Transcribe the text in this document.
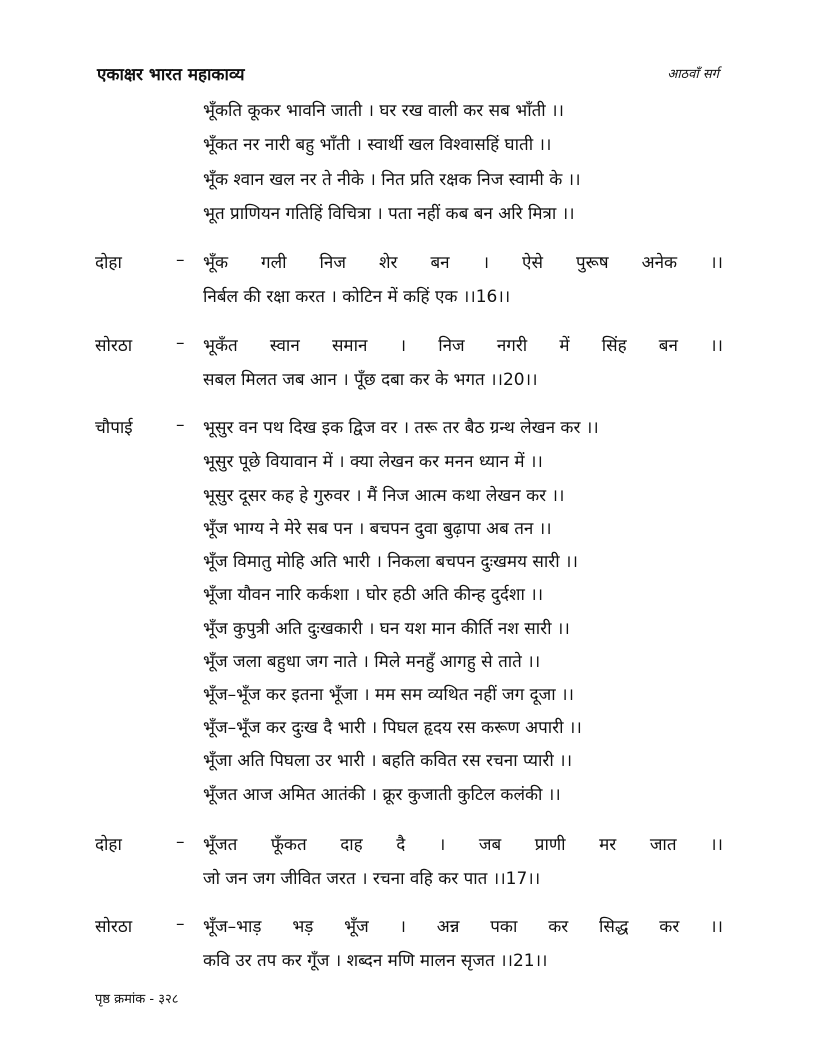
एकाक्षर भारत महाकाव्य	आठवाँ सर्ग
भूँकति कूकर भावनि जाती । घर रख वाली कर सब भाँती ।।
भूँकत नर नारी बहु भाँती । स्वार्थी खल विश्वासहिं घाती ।।
भूँक श्वान खल नर ते नीके । नित प्रति रक्षक निज स्वामी के ।।
भूत प्राणियन गतिहिं विचित्रा । पता नहीं कब बन अरि मित्रा ।।
दोहा	– भूँक गली निज शेर बन । ऐसे पुरूष अनेक ।।
निर्बल की रक्षा करत । कोटिन में कहिं एक ।।16।।
सोरठा	– भूकँत स्वान समान । निज नगरी में सिंह बन ।।
सबल मिलत जब आन । पूँछ दबा कर के भगत ।।20।।
चौपाई	– भूसुर वन पथ दिख इक द्विज वर । तरू तर बैठ ग्रन्थ लेखन कर ।।
भूसुर पूछे वियावान में । क्या लेखन कर मनन ध्यान में ।।
भूसुर दूसर कह हे गुरुवर । मैं निज आत्म कथा लेखन कर ।।
भूँज भाग्य ने मेरे सब पन । बचपन दुवा बुढ़ापा अब तन ।।
भूँज विमातु मोहि अति भारी । निकला बचपन दुःखमय सारी ।।
भूँजा यौवन नारि कर्कशा । घोर हठी अति कीन्ह दुर्दशा ।।
भूँज कुपुत्री अति दुःखकारी । घन यश मान कीर्ति नश सारी ।।
भूँज जला बहुधा जग नाते । मिले मनहुँ आगहु से ताते ।।
भूँज–भूँज कर इतना भूँजा । मम सम व्यथित नहीं जग दूजा ।।
भूँज–भूँज कर दुःख दै भारी । पिघल हृदय रस करूण अपारी ।।
भूँजा अति पिघला उर भारी । बहति कवित रस रचना प्यारी ।।
भूँजत आज अमित आतंकी । क्रूर कुजाती कुटिल कलंकी ।।
दोहा	– भूँजत फूँकत दाह दै । जब प्राणी मर जात ।।
जो जन जग जीवित जरत । रचना वहि कर पात ।।17।।
सोरठा	– भूँज–भाड़ भड़ भूँज । अन्न पका कर सिद्ध कर ।।
कवि उर तप कर गूँज । शब्दन मणि मालन सृजत ।।21।।
पृष्ठ क्रमांक - ३२८
